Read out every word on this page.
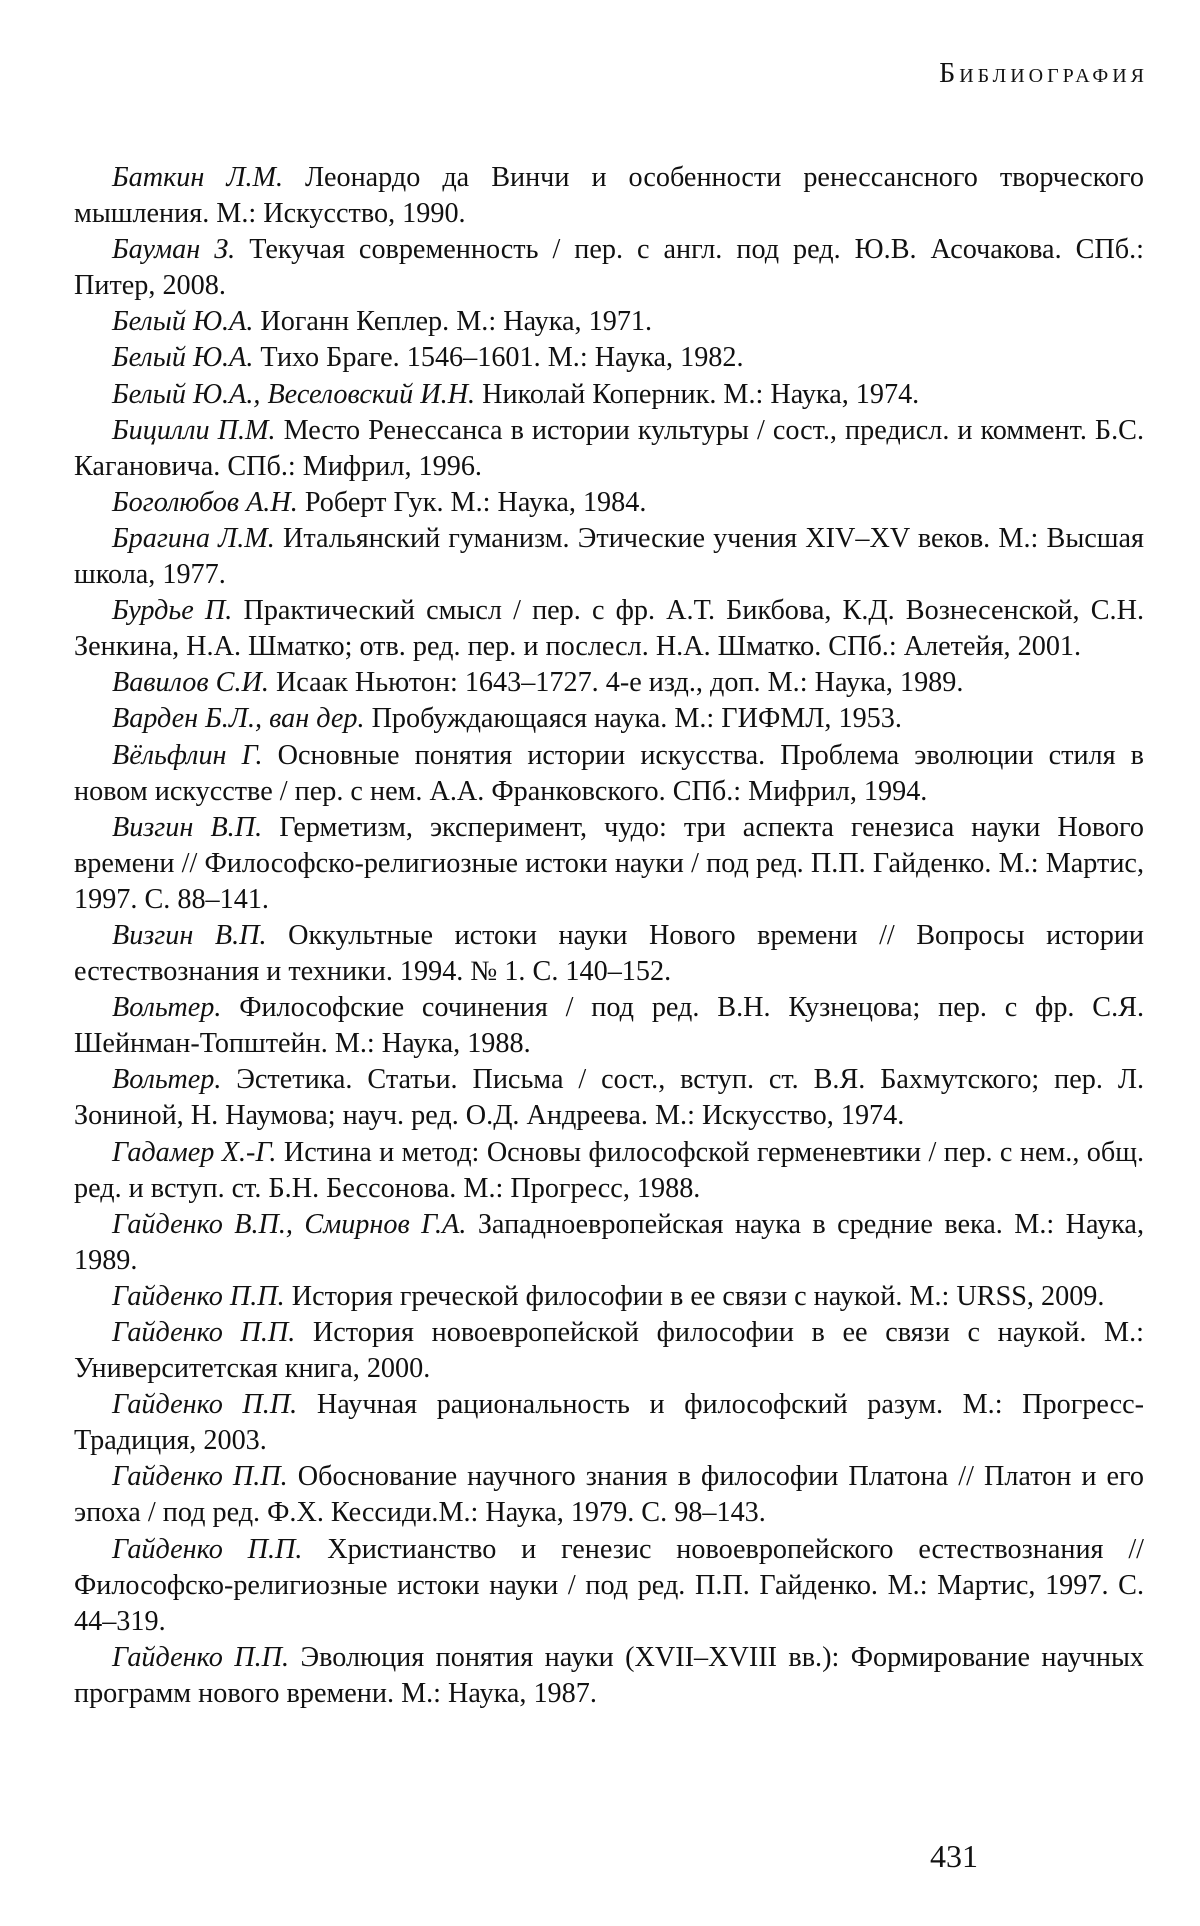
Библиография

Баткин Л.М. Леонардо да Винчи и особенности ренессансного творческого мышления. М.: Искусство, 1990.

Бауман З. Текучая современность / пер. с англ. под ред. Ю.В. Асочакова. СПб.: Питер, 2008.

Белый Ю.А. Иоганн Кеплер. М.: Наука, 1971.

Белый Ю.А. Тихо Браге. 1546–1601. М.: Наука, 1982.

Белый Ю.А., Веселовский И.Н. Николай Коперник. М.: Наука, 1974.

Бицилли П.М. Место Ренессанса в истории культуры / сост., предисл. и коммент. Б.С. Кагановича. СПб.: Мифрил, 1996.

Боголюбов А.Н. Роберт Гук. М.: Наука, 1984.

Брагина Л.М. Итальянский гуманизм. Этические учения XIV–XV веков. М.: Высшая школа, 1977.

Бурдье П. Практический смысл / пер. с фр. А.Т. Бикбова, К.Д. Вознесенской, С.Н. Зенкина, Н.А. Шматко; отв. ред. пер. и послесл. Н.А. Шматко. СПб.: Алетейя, 2001.

Вавилов С.И. Исаак Ньютон: 1643–1727. 4-е изд., доп. М.: Наука, 1989.

Варден Б.Л., ван дер. Пробуждающаяся наука. М.: ГИФМЛ, 1953.

Вёльфлин Г. Основные понятия истории искусства. Проблема эволюции стиля в новом искусстве / пер. с нем. А.А. Франковского. СПб.: Мифрил, 1994.

Визгин В.П. Герметизм, эксперимент, чудо: три аспекта генезиса науки Нового времени // Философско-религиозные истоки науки / под ред. П.П. Гайденко. М.: Мартис, 1997. С. 88–141.

Визгин В.П. Оккультные истоки науки Нового времени // Вопросы истории естествознания и техники. 1994. № 1. С. 140–152.

Вольтер. Философские сочинения / под ред. В.Н. Кузнецова; пер. с фр. С.Я. Шейнман-Топштейн. М.: Наука, 1988.

Вольтер. Эстетика. Статьи. Письма / сост., вступ. ст. В.Я. Бахмутского; пер. Л. Зониной, Н. Наумова; науч. ред. О.Д. Андреева. М.: Искусство, 1974.

Гадамер Х.-Г. Истина и метод: Основы философской герменевтики / пер. с нем., общ. ред. и вступ. ст. Б.Н. Бессонова. М.: Прогресс, 1988.

Гайденко В.П., Смирнов Г.А. Западноевропейская наука в средние века. М.: Наука, 1989.

Гайденко П.П. История греческой философии в ее связи с наукой. М.: URSS, 2009.

Гайденко П.П. История новоевропейской философии в ее связи с наукой. М.: Университетская книга, 2000.

Гайденко П.П. Научная рациональность и философский разум. М.: Прогресс-Традиция, 2003.

Гайденко П.П. Обоснование научного знания в философии Платона // Платон и его эпоха / под ред. Ф.Х. Кессиди.М.: Наука, 1979. С. 98–143.

Гайденко П.П. Христианство и генезис новоевропейского естествознания // Философско-религиозные истоки науки / под ред. П.П. Гайденко. М.: Мартис, 1997. С. 44–319.

Гайденко П.П. Эволюция понятия науки (XVII–XVIII вв.): Формирование научных программ нового времени. М.: Наука, 1987.

431
